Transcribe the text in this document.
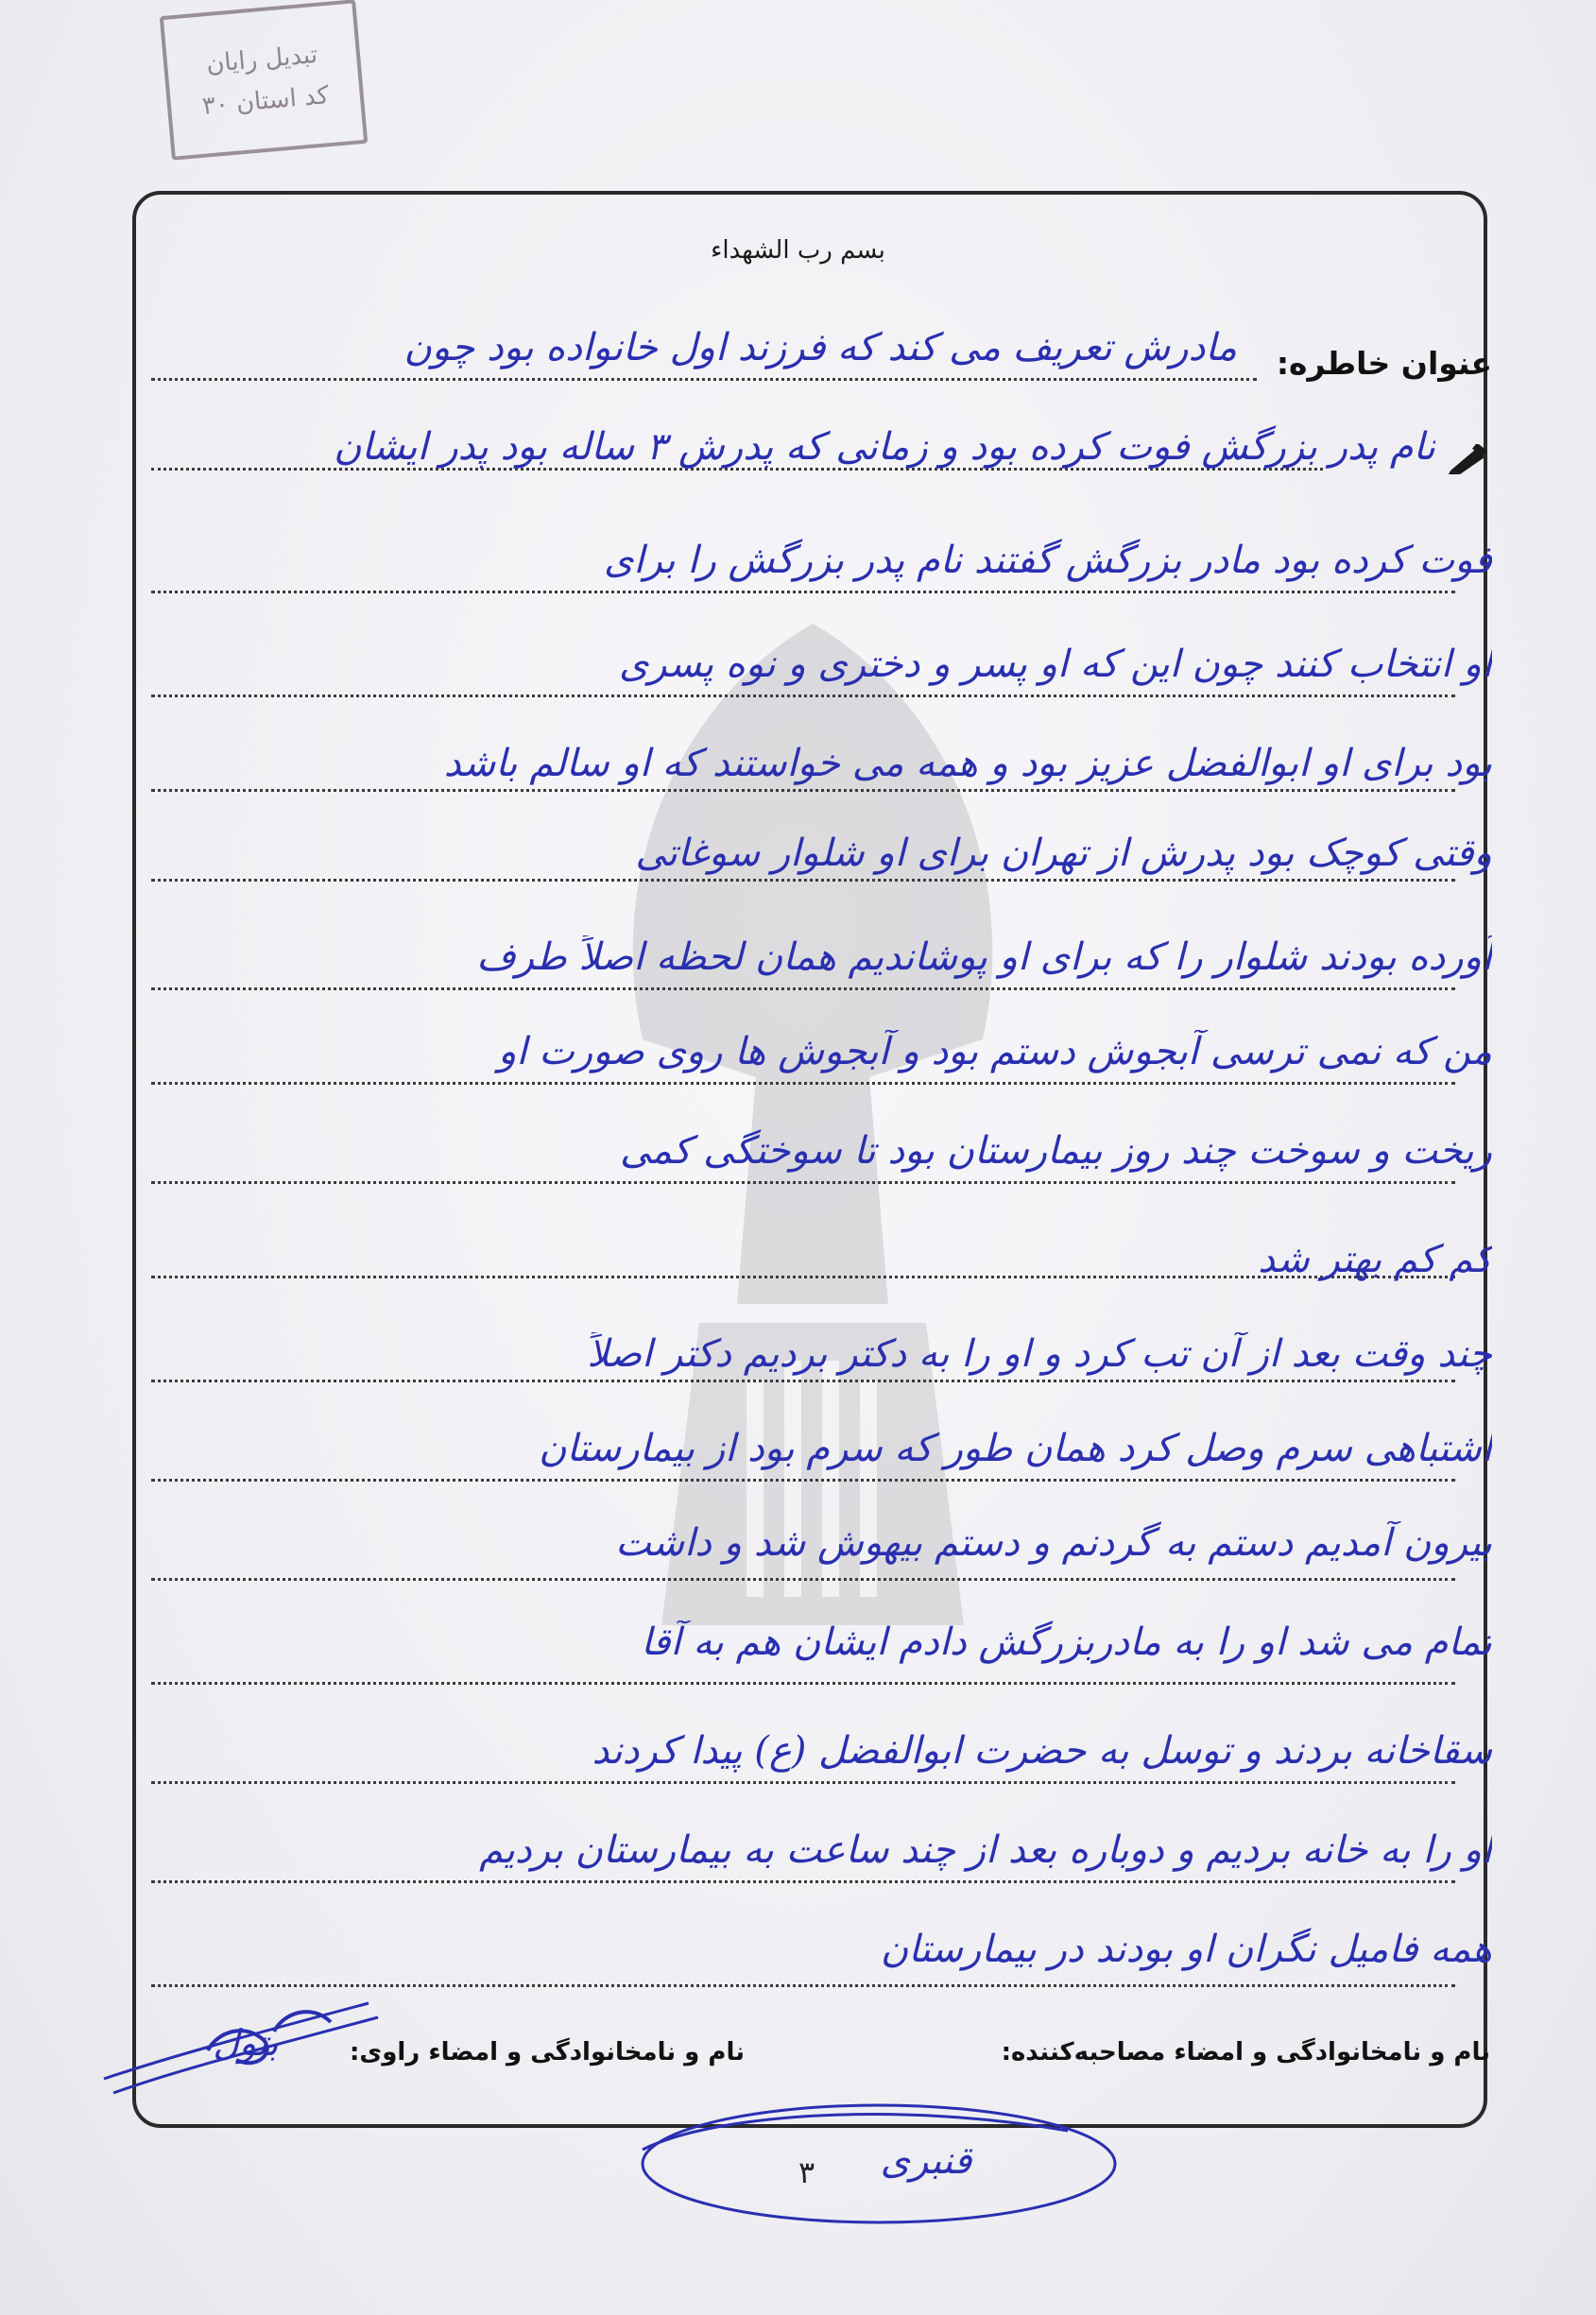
تبدیل رایان
کد استان ۳۰
بسم رب الشهداء
عنوان خاطره:
مادرش تعریف می کند که فرزند اول خانواده بود چون
نام پدر بزرگش فوت کرده بود و زمانی که پدرش ۳ ساله بود پدر ایشان
فوت کرده بود مادر بزرگش گفتند نام پدر بزرگش را برای
او انتخاب کنند چون این که او پسر و دختری و نوه پسری
بود برای او ابوالفضل عزیز بود و همه می خواستند که او سالم باشد
وقتی کوچک بود پدرش از تهران برای او شلوار سوغاتی
آورده بودند شلوار را که برای او پوشاندیم همان لحظه اصلاً طرف
من که نمی ترسی آبجوش دستم بود و آبجوش ها روی صورت او
ریخت و سوخت چند روز بیمارستان بود تا سوختگی کمی
کم کم بهتر شد
چند وقت بعد از آن تب کرد و او را به دکتر بردیم دکتر اصلاً
اشتباهی سرم وصل کرد همان طور که سرم بود از بیمارستان
بیرون آمدیم دستم به گردنم و دستم بیهوش شد و داشت
تمام می شد او را به مادربزرگش دادم ایشان هم به آقا
سقاخانه بردند و توسل به حضرت ابوالفضل (ع) پیدا کردند
او را به خانه بردیم و دوباره بعد از چند ساعت به بیمارستان بردیم
همه فامیل نگران او بودند در بیمارستان
نام و نامخانوادگی و امضاء راوی:	نام و نامخانوادگی و امضاء مصاحبه‌کننده:
بتول
قنبری
۳
